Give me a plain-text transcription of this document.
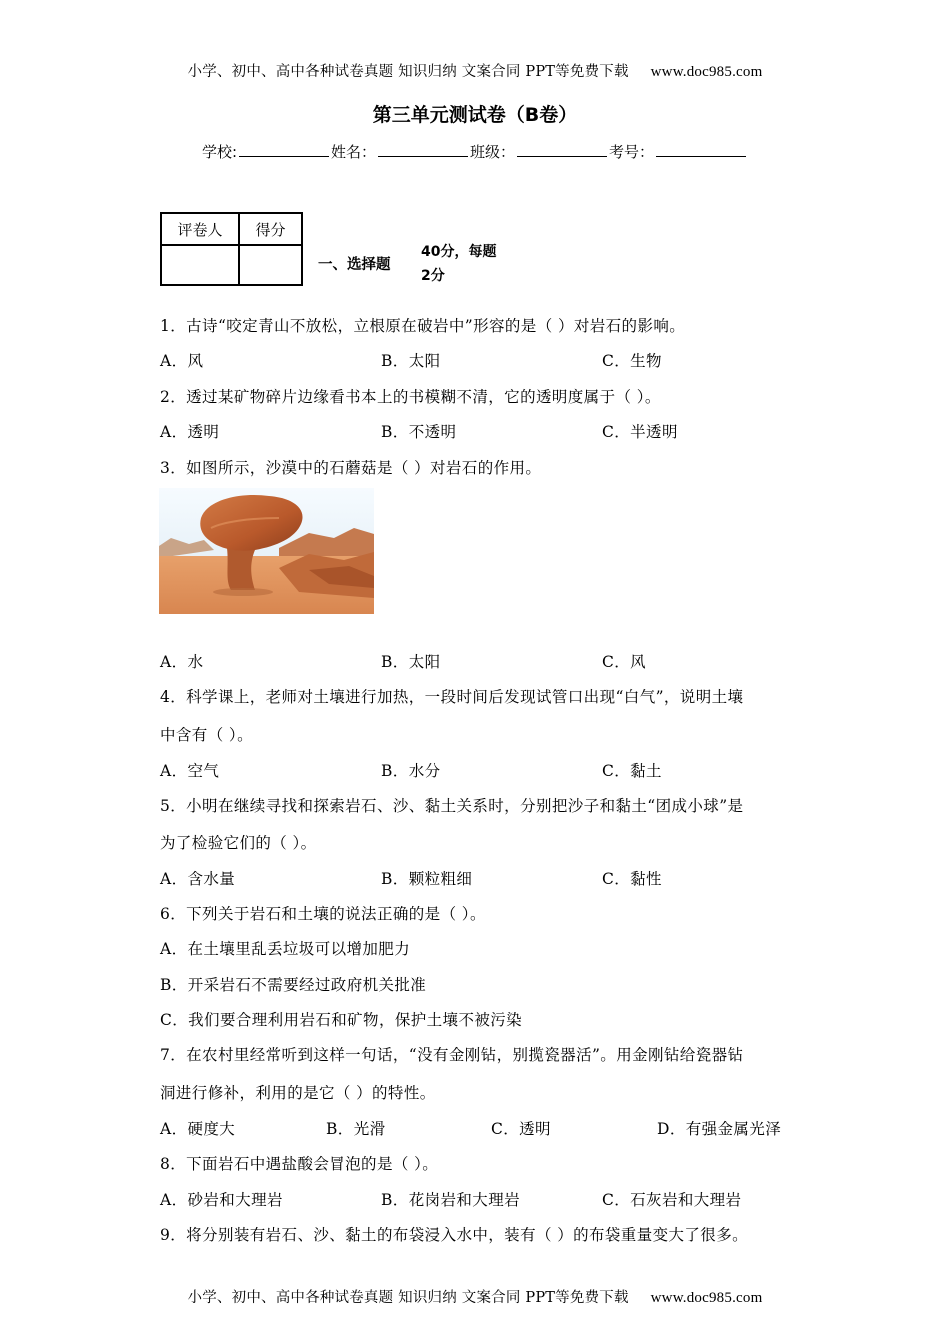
小学、初中、高中各种试卷真题 知识归纳 文案合同 PPT等免费下载 www.doc985.com
第三单元测试卷（B卷）
学校:	姓名：	班级：	考号：
评卷人	得分

一、选择题
40分，每题2分
1．古诗“咬定青山不放松，立根原在破岩中”形容的是（ ）对岩石的影响。
A．风	B．太阳	C．生物
2．透过某矿物碎片边缘看书本上的书模糊不清，它的透明度属于（ ）。
A．透明	B．不透明	C．半透明
3．如图所示，沙漠中的石蘑菇是（ ）对岩石的作用。
A．水	B．太阳	C．风
4．科学课上，老师对土壤进行加热，一段时间后发现试管口出现“白气”，说明土壤
中含有（ ）。
A．空气	B．水分	C．黏土
5．小明在继续寻找和探索岩石、沙、黏土关系时，分别把沙子和黏土“团成小球”是
为了检验它们的（ ）。
A．含水量	B．颗粒粗细	C．黏性
6．下列关于岩石和土壤的说法正确的是（ ）。
A．在土壤里乱丢垃圾可以增加肥力
B．开采岩石不需要经过政府机关批准
C．我们要合理利用岩石和矿物，保护土壤不被污染
7．在农村里经常听到这样一句话，“没有金刚钻，别揽瓷器活”。用金刚钻给瓷器钻
洞进行修补，利用的是它（ ）的特性。
A．硬度大	B．光滑	C．透明	D．有强金属光泽
8．下面岩石中遇盐酸会冒泡的是（ ）。
A．砂岩和大理岩	B．花岗岩和大理岩	C．石灰岩和大理岩
9．将分别装有岩石、沙、黏土的布袋浸入水中，装有（ ）的布袋重量变大了很多。
小学、初中、高中各种试卷真题 知识归纳 文案合同 PPT等免费下载 www.doc985.com
